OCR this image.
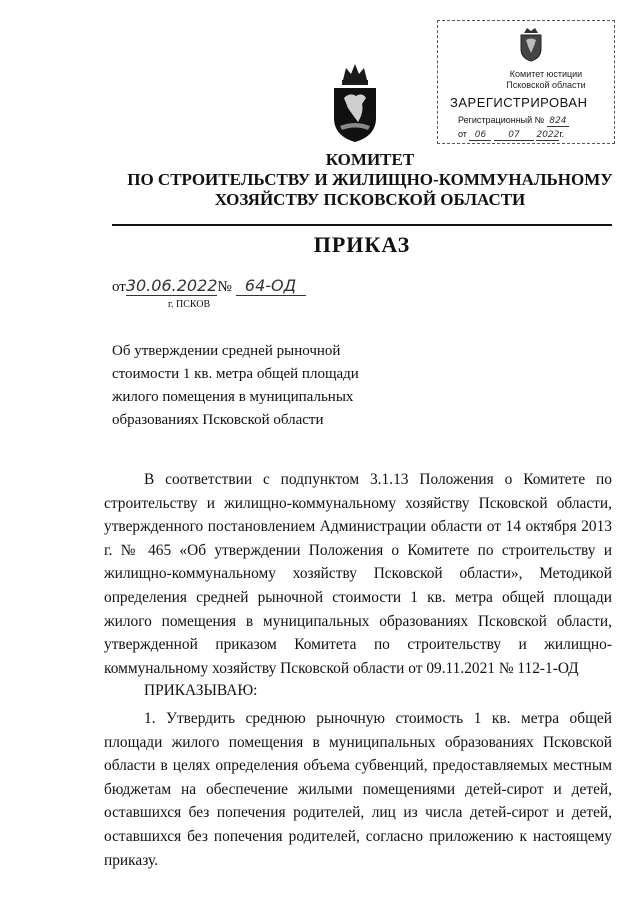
Комитет юстиции
Псковской области
ЗАРЕГИСТРИРОВАН
Регистрационный № 824
от 06 07 2022г.
КОМИТЕТ
ПО СТРОИТЕЛЬСТВУ И ЖИЛИЩНО-КОММУНАЛЬНОМУ
ХОЗЯЙСТВУ ПСКОВСКОЙ ОБЛАСТИ
ПРИКАЗ
от30.06.2022№ 64-ОД
г. ПСКОВ
Об утверждении средней рыночной стоимости 1 кв. метра общей площади жилого помещения в муниципальных образованиях Псковской области
В соответствии с подпунктом 3.1.13 Положения о Комитете по строительству и жилищно-коммунальному хозяйству Псковской области, утвержденного постановлением Администрации области от 14 октября 2013 г. № 465 «Об утверждении Положения о Комитете по строительству и жилищно-коммунальному хозяйству Псковской области», Методикой определения средней рыночной стоимости 1 кв. метра общей площади жилого помещения в муниципальных образованиях Псковской области, утвержденной приказом Комитета по строительству и жилищно-коммунальному хозяйству Псковской области от 09.11.2021 № 112-1-ОД
ПРИКАЗЫВАЮ:
1. Утвердить среднюю рыночную стоимость 1 кв. метра общей площади жилого помещения в муниципальных образованиях Псковской области в целях определения объема субвенций, предоставляемых местным бюджетам на обеспечение жилыми помещениями детей-сирот и детей, оставшихся без попечения родителей, лиц из числа детей-сирот и детей, оставшихся без попечения родителей, согласно приложению к настоящему приказу.
